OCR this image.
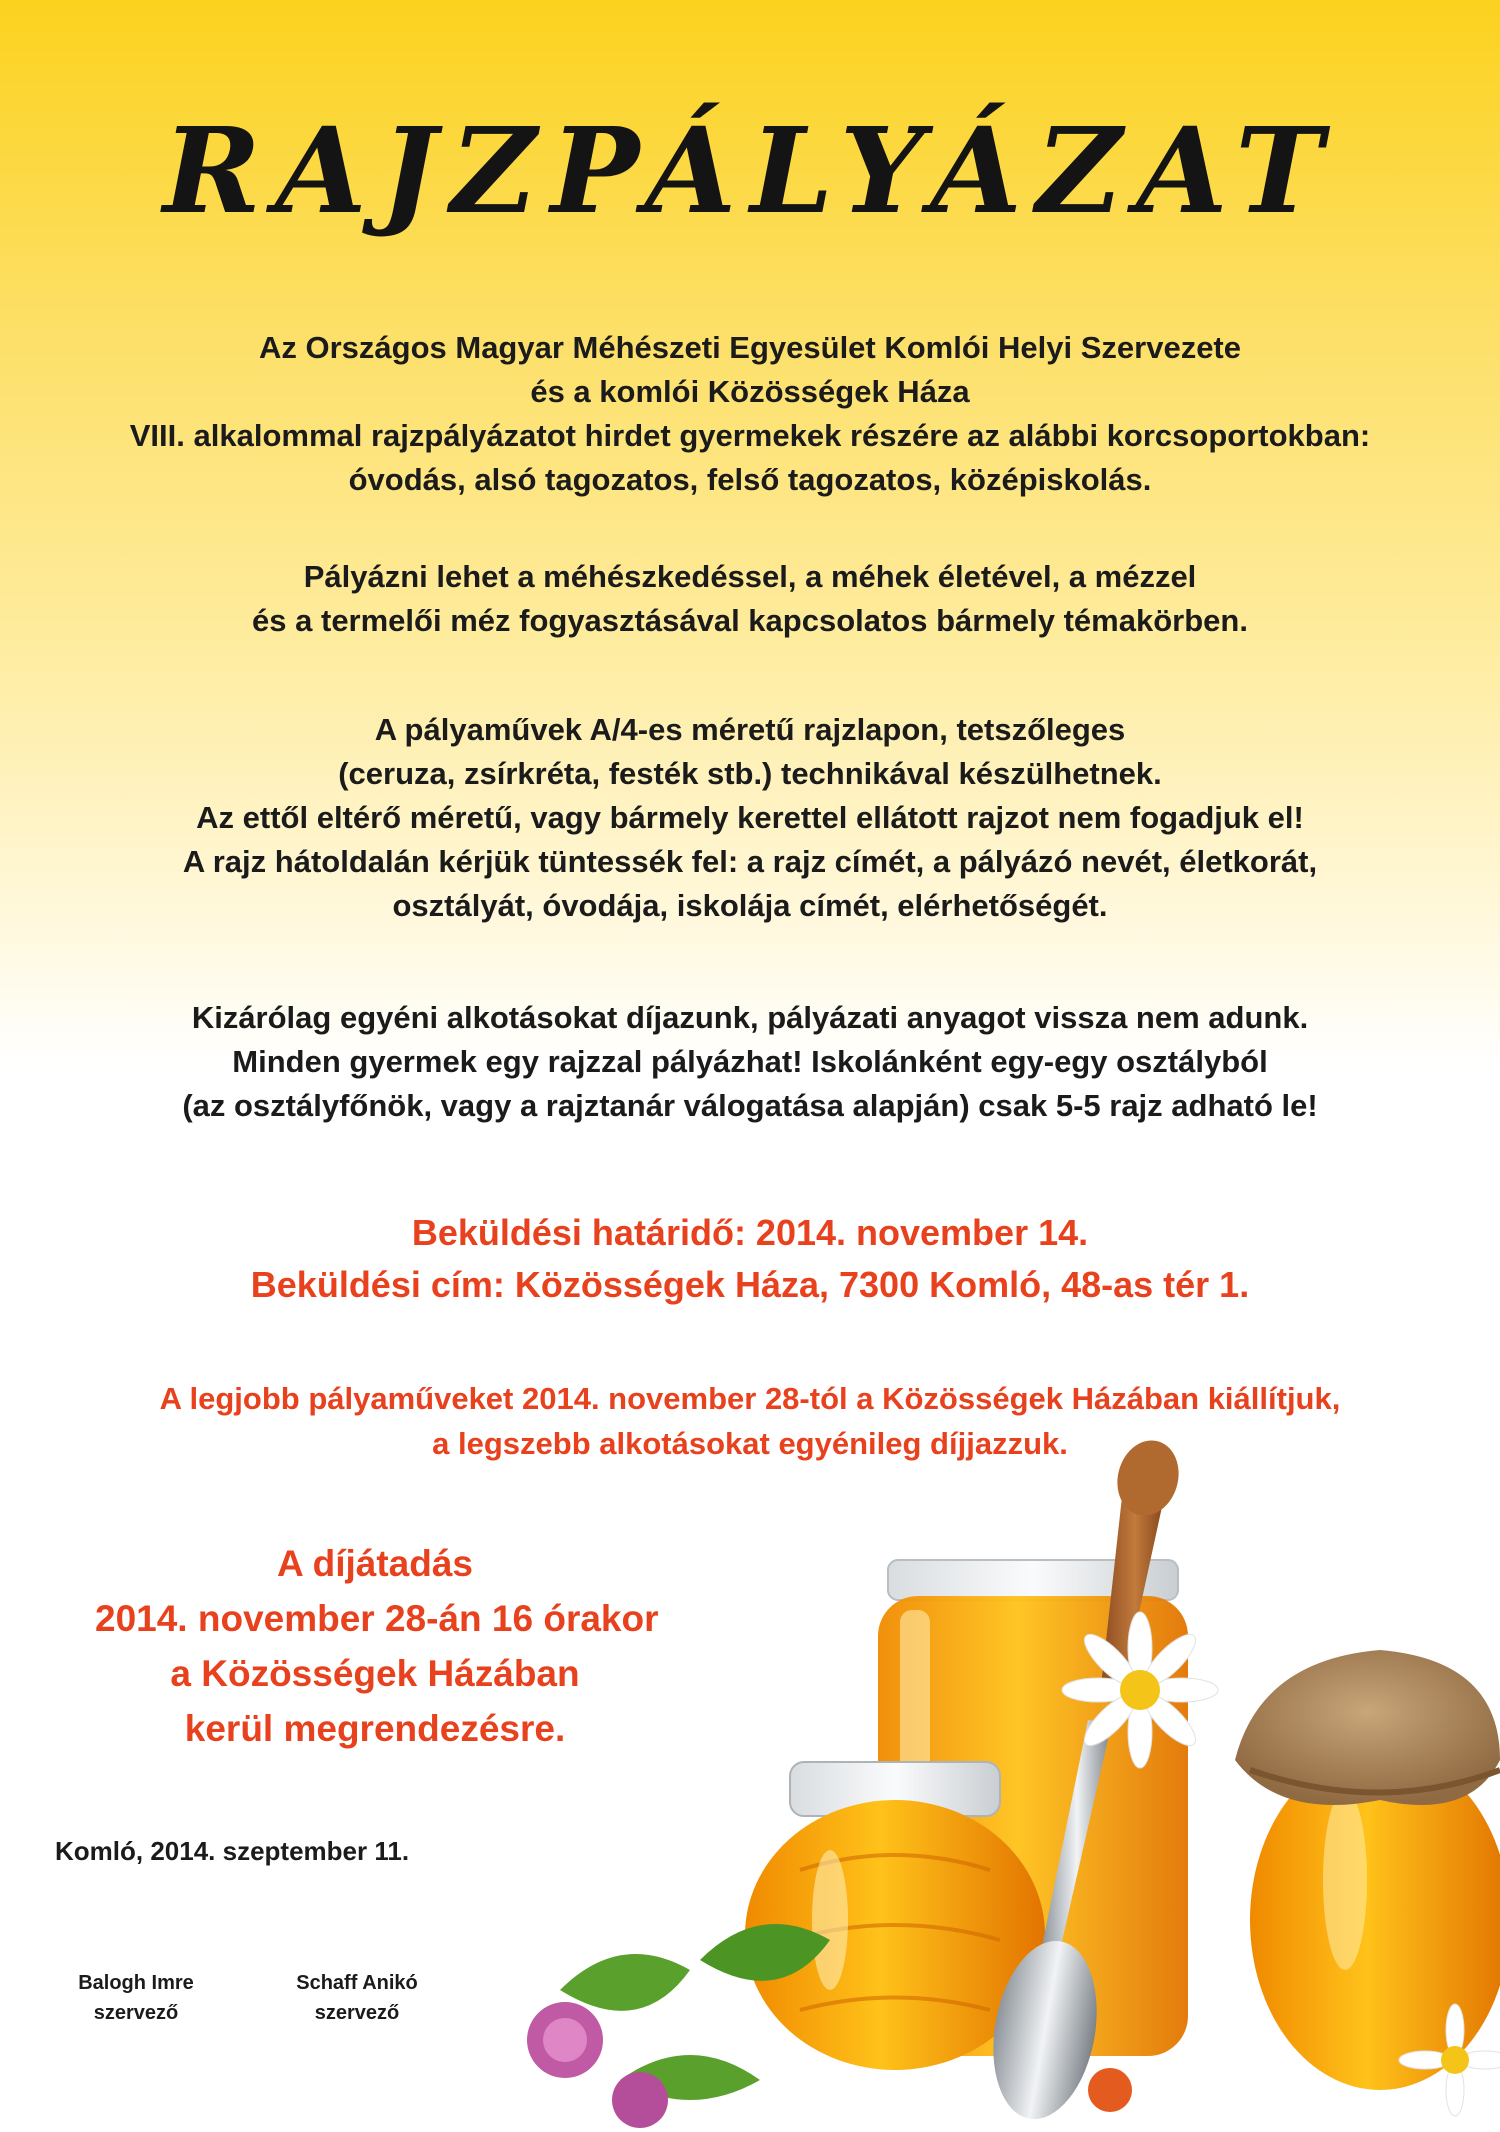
RAJZPÁLYÁZAT
Az Országos Magyar Méhészeti Egyesület Komlói Helyi Szervezete
és a komlói Közösségek Háza
VIII. alkalommal rajzpályázatot hirdet gyermekek részére az alábbi korcsoportokban:
óvodás, alsó tagozatos, felső tagozatos, középiskolás.
Pályázni lehet a méhészkedéssel, a méhek életével, a mézzel
és a termelői méz fogyasztásával kapcsolatos bármely témakörben.
A pályaművek A/4-es méretű rajzlapon, tetszőleges
(ceruza, zsírkréta, festék stb.) technikával készülhetnek.
Az ettől eltérő méretű, vagy bármely kerettel ellátott rajzot nem fogadjuk el!
A rajz hátoldalán kérjük tüntessék fel: a rajz címét, a pályázó nevét, életkorát,
osztályát, óvodája, iskolája címét, elérhetőségét.
Kizárólag egyéni alkotásokat díjazunk, pályázati anyagot vissza nem adunk.
Minden gyermek egy rajzzal pályázhat! Iskolánként egy-egy osztályból
(az osztályfőnök, vagy a rajztanár válogatása alapján) csak 5-5 rajz adható le!
Beküldési határidő: 2014. november 14.
Beküldési cím: Közösségek Háza, 7300 Komló, 48-as tér 1.
A legjobb pályaműveket 2014. november 28-tól a Közösségek Házában kiállítjuk,
a legszebb alkotásokat egyénileg díjjazzuk.
A díjátadás
2014. november 28-án 16 órakor
a Közösségek Házában
kerül megrendezésre.
Komló, 2014. szeptember 11.
Balogh Imre
szervező
Schaff Anikó
szervező
